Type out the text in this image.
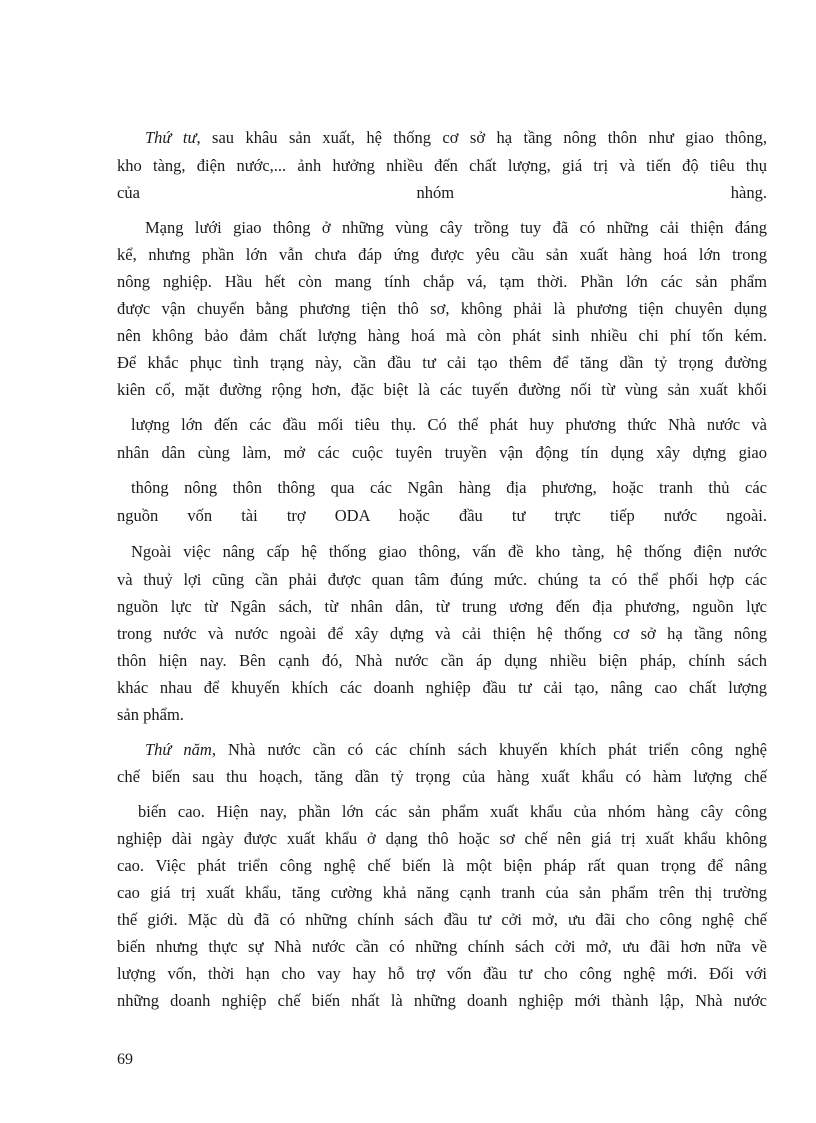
Thứ tư, sau khâu sản xuất, hệ thống cơ sở hạ tầng nông thôn như giao thông,
kho tàng, điện nước,... ảnh hưởng nhiều đến chất lượng, giá trị và tiến độ tiêu thụ
của nhóm hàng.
Mạng lưới giao thông ở những vùng cây trồng tuy đã có những cải thiện đáng
kể, nhưng phần lớn vẫn chưa đáp ứng được yêu cầu sản xuất hàng hoá lớn trong
nông nghiệp. Hầu hết còn mang tính chắp vá, tạm thời. Phần lớn các sản phẩm
được vận chuyển bằng phương tiện thô sơ, không phải là phương tiện chuyên dụng
nên không bảo đảm chất lượng hàng hoá mà còn phát sinh nhiều chi phí tốn kém.
Để khắc phục tình trạng này, cần đầu tư cải tạo thêm để tăng dần tỷ trọng đường
kiên cố, mặt đường rộng hơn, đặc biệt là các tuyến đường nối từ vùng sản xuất khối
lượng lớn đến các đầu mối tiêu thụ. Có thể phát huy phương thức Nhà nước và
nhân dân cùng làm, mở các cuộc tuyên truyền vận động tín dụng xây dựng giao
thông nông thôn thông qua các Ngân hàng địa phương, hoặc tranh thủ các
nguồn vốn tài trợ ODA hoặc đầu tư trực tiếp nước ngoài.
Ngoài việc nâng cấp hệ thống giao thông, vấn đề kho tàng, hệ thống điện nước
và thuỷ lợi cũng cần phải được quan tâm đúng mức. chúng ta có thể phối hợp các
nguồn lực từ Ngân sách, từ nhân dân, từ trung ương đến địa phương, nguồn lực
trong nước và nước ngoài để xây dựng và cải thiện hệ thống cơ sở hạ tầng nông
thôn hiện nay. Bên cạnh đó, Nhà nước cần áp dụng nhiều biện pháp, chính sách
khác nhau để khuyến khích các doanh nghiệp đầu tư cải tạo, nâng cao chất lượng
sản phẩm.
Thứ năm, Nhà nước cần có các chính sách khuyến khích phát triển công nghệ
chế biến sau thu hoạch, tăng dần tỷ trọng của hàng xuất khẩu có hàm lượng chế
biến cao. Hiện nay, phần lớn các sản phẩm xuất khẩu của nhóm hàng cây công
nghiệp dài ngày được xuất khẩu ở dạng thô hoặc sơ chế nên giá trị xuất khẩu không
cao. Việc phát triển công nghệ chế biến là một biện pháp rất quan trọng để nâng
cao giá trị xuất khẩu, tăng cường khả năng cạnh tranh của sản phẩm trên thị trường
thế giới. Mặc dù đã có những chính sách đầu tư cởi mở, ưu đãi cho công nghệ chế
biến nhưng thực sự Nhà nước cần có những chính sách cởi mở, ưu đãi hơn nữa về
lượng vốn, thời hạn cho vay hay hỗ trợ vốn đầu tư cho công nghệ mới. Đối với
những doanh nghiệp chế biến nhất là những doanh nghiệp mới thành lập, Nhà nước
69
